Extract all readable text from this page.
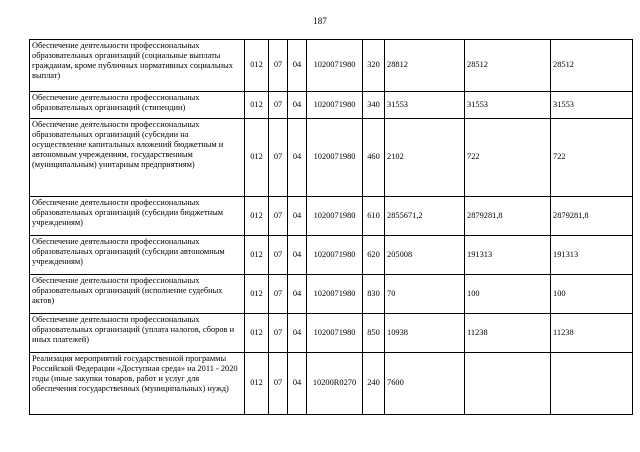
187
Обеспечение деятельности профессиональных образовательных организаций (социальные выплаты гражданам, кроме публичных нормативных социальных выплат)	012	07	04	1020071980	320	28812	28512	28512
Обеспечение деятельности профессиональных образовательных организаций (стипендии)	012	07	04	1020071980	340	31553	31553	31553
Обеспечение деятельности профессиональных образовательных организаций (субсидии на осуществление капитальных вложений бюджетным и автономным учреждениям, государственным (муниципальным) унитарным предприятиям)	012	07	04	1020071980	460	2102	722	722
Обеспечение деятельности профессиональных образовательных организаций (субсидии бюджетным учреждениям)	012	07	04	1020071980	610	2855671,2	2879281,8	2879281,8
Обеспечение деятельности профессиональных образовательных организаций (субсидии автономным учреждениям)	012	07	04	1020071980	620	205008	191313	191313
Обеспечение деятельности профессиональных образовательных организаций (исполнение судебных актов)	012	07	04	1020071980	830	70	100	100
Обеспечение деятельности профессиональных образовательных организаций (уплата налогов, сборов и иных платежей)	012	07	04	1020071980	850	10938	11238	11238
Реализация мероприятий государственной программы Российской Федерации «Доступная среда» на 2011 - 2020 годы (иные закупки товаров, работ и услуг для обеспечения государственных (муниципальных) нужд)	012	07	04	10200R0270	240	7600		
